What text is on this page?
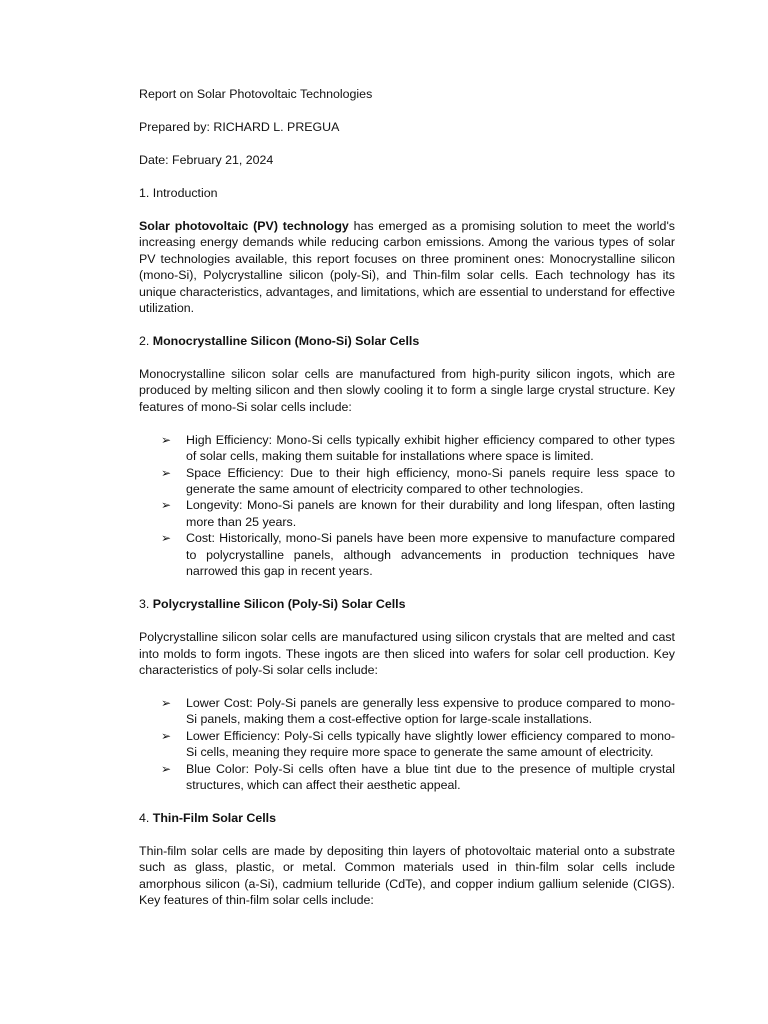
Report on Solar Photovoltaic Technologies

Prepared by: RICHARD L. PREGUA

Date: February 21, 2024

1. Introduction

Solar photovoltaic (PV) technology has emerged as a promising solution to meet the world's increasing energy demands while reducing carbon emissions. Among the various types of solar PV technologies available, this report focuses on three prominent ones: Monocrystalline silicon (mono-Si), Polycrystalline silicon (poly-Si), and Thin-film solar cells. Each technology has its unique characteristics, advantages, and limitations, which are essential to understand for effective utilization.

2. Monocrystalline Silicon (Mono-Si) Solar Cells

Monocrystalline silicon solar cells are manufactured from high-purity silicon ingots, which are produced by melting silicon and then slowly cooling it to form a single large crystal structure. Key features of mono-Si solar cells include:

➢ High Efficiency: Mono-Si cells typically exhibit higher efficiency compared to other types of solar cells, making them suitable for installations where space is limited.
➢ Space Efficiency: Due to their high efficiency, mono-Si panels require less space to generate the same amount of electricity compared to other technologies.
➢ Longevity: Mono-Si panels are known for their durability and long lifespan, often lasting more than 25 years.
➢ Cost: Historically, mono-Si panels have been more expensive to manufacture compared to polycrystalline panels, although advancements in production techniques have narrowed this gap in recent years.

3. Polycrystalline Silicon (Poly-Si) Solar Cells

Polycrystalline silicon solar cells are manufactured using silicon crystals that are melted and cast into molds to form ingots. These ingots are then sliced into wafers for solar cell production. Key characteristics of poly-Si solar cells include:

➢ Lower Cost: Poly-Si panels are generally less expensive to produce compared to mono-Si panels, making them a cost-effective option for large-scale installations.
➢ Lower Efficiency: Poly-Si cells typically have slightly lower efficiency compared to mono-Si cells, meaning they require more space to generate the same amount of electricity.
➢ Blue Color: Poly-Si cells often have a blue tint due to the presence of multiple crystal structures, which can affect their aesthetic appeal.

4. Thin-Film Solar Cells

Thin-film solar cells are made by depositing thin layers of photovoltaic material onto a substrate such as glass, plastic, or metal. Common materials used in thin-film solar cells include amorphous silicon (a-Si), cadmium telluride (CdTe), and copper indium gallium selenide (CIGS). Key features of thin-film solar cells include:
